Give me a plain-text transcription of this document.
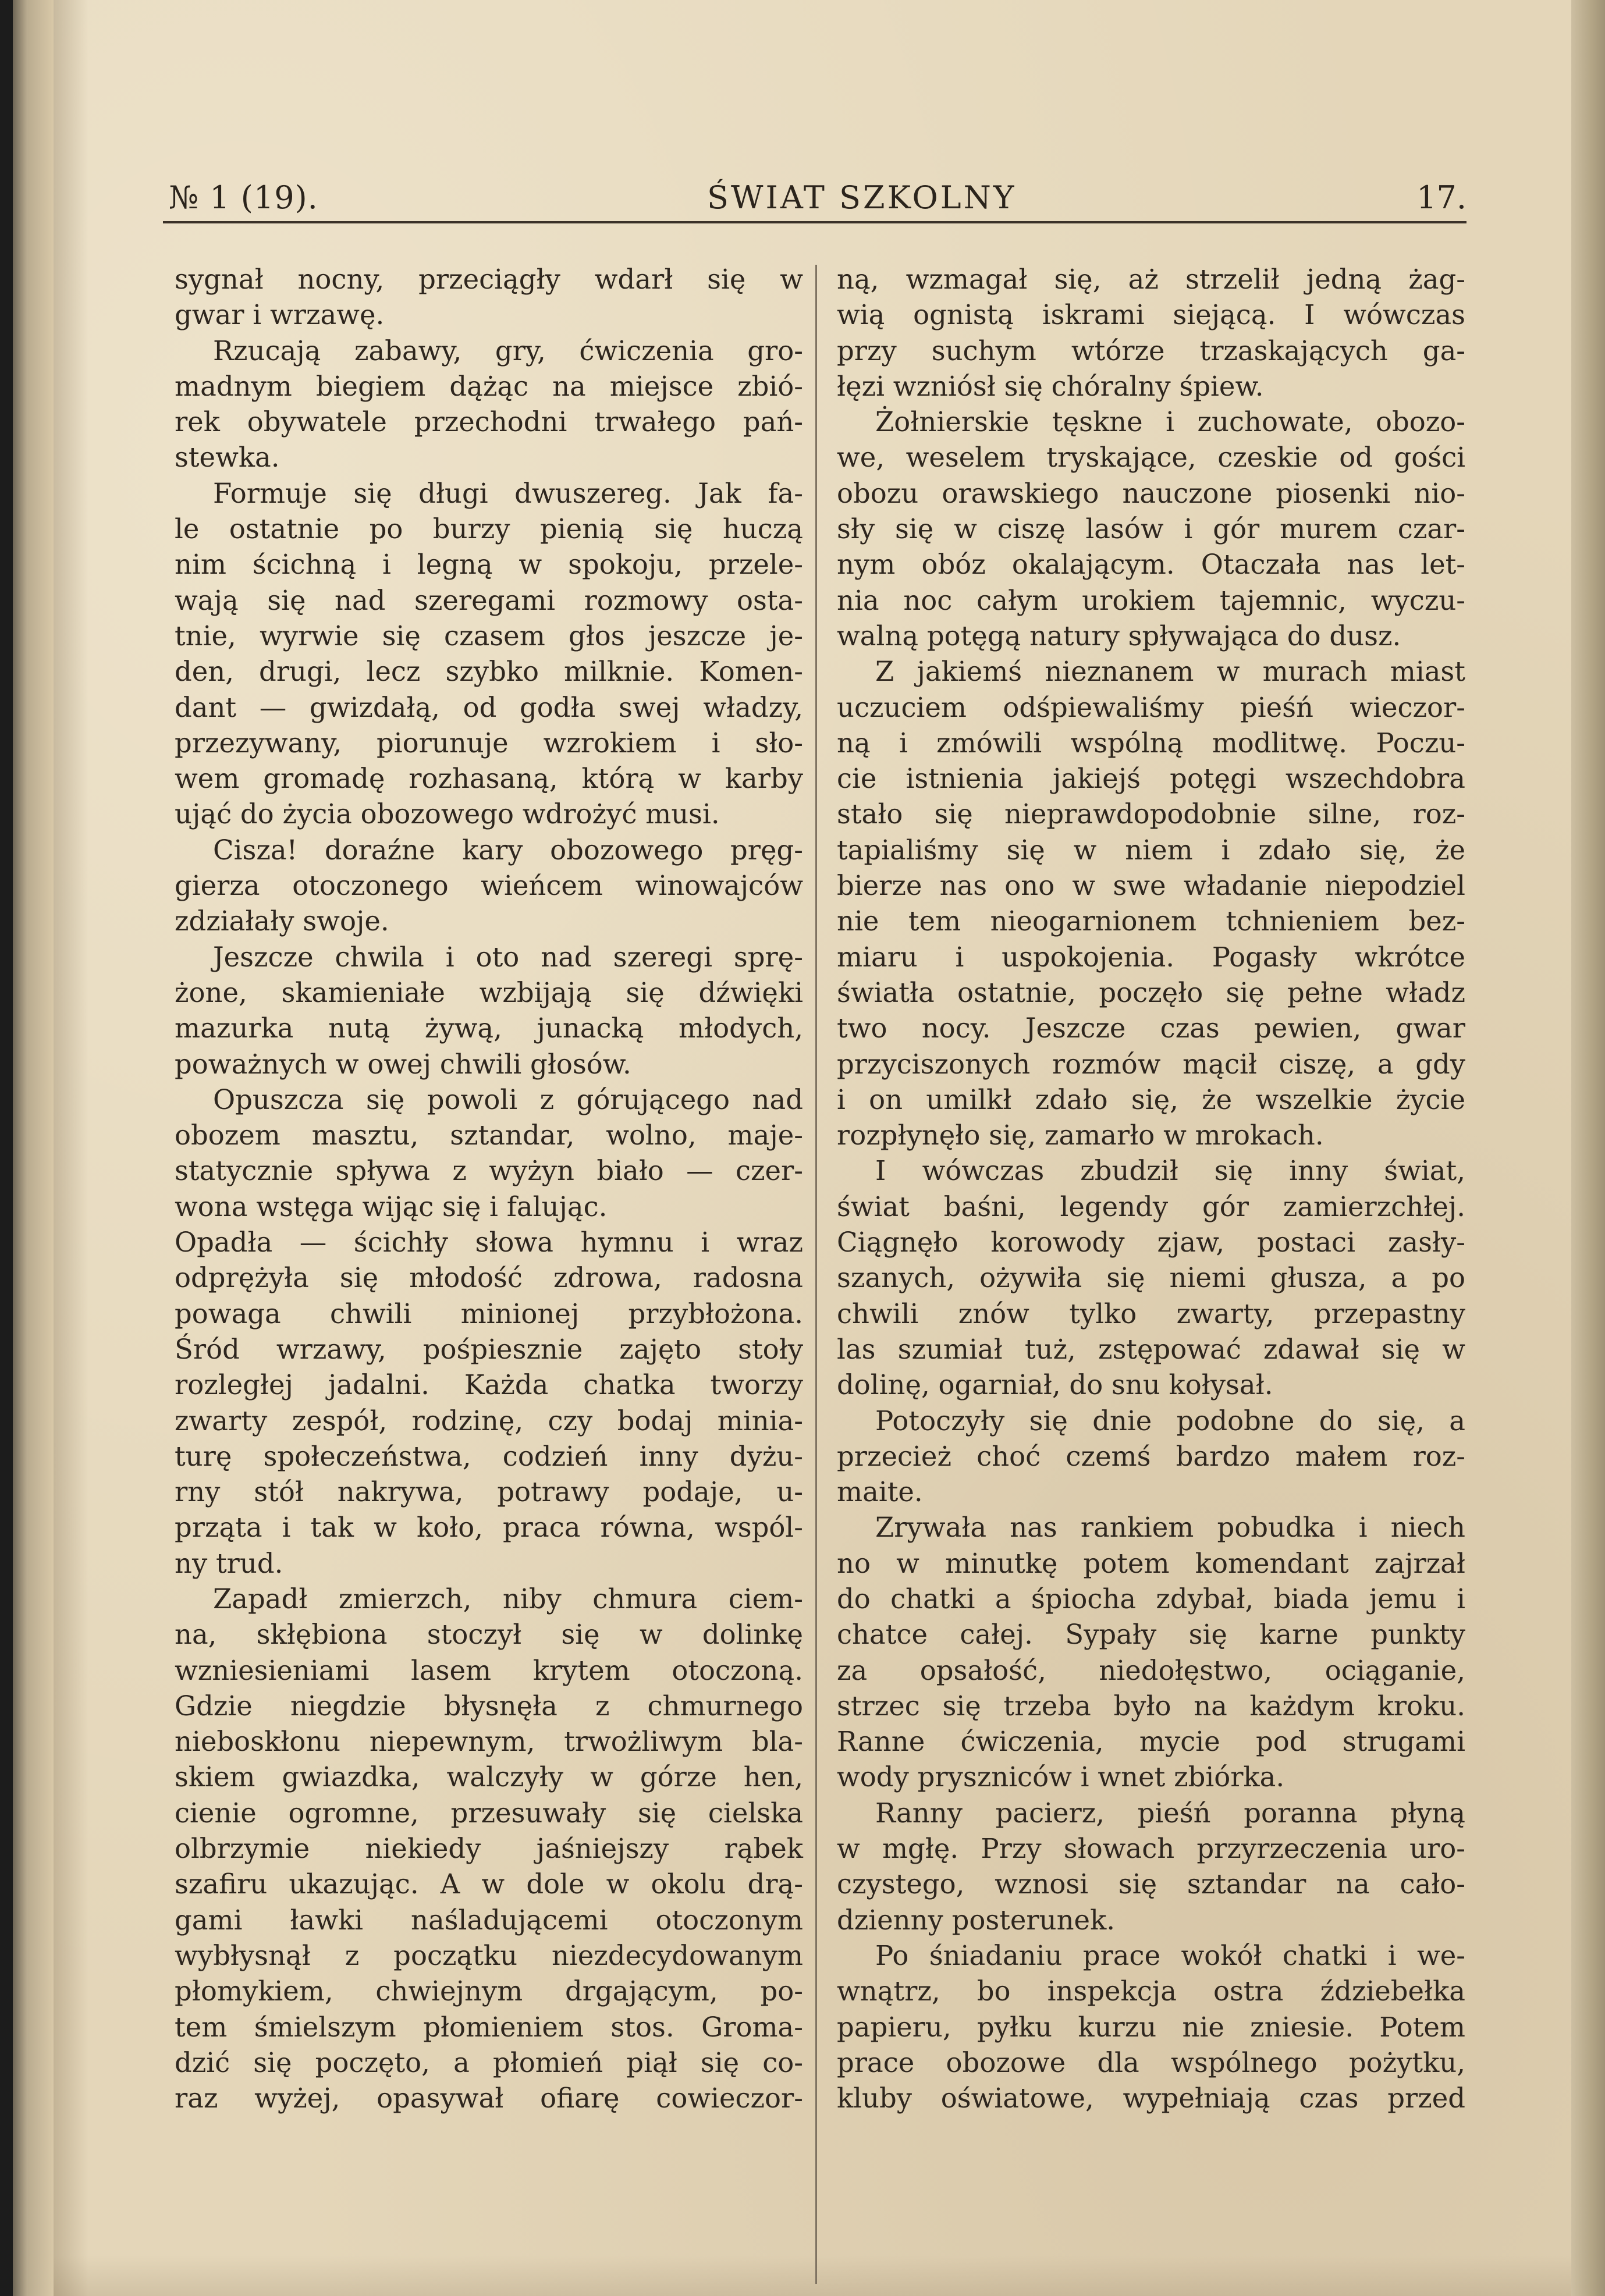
№ 1 (19).	ŚWIAT SZKOLNY	17.
sygnał nocny, przeciągły wdarł się w
gwar i wrzawę.
Rzucają zabawy, gry, ćwiczenia gro-
madnym biegiem dążąc na miejsce zbió-
rek obywatele przechodni trwałego pań-
stewka.
Formuje się długi dwuszereg. Jak fa-
le ostatnie po burzy pienią się huczą
nim ścichną i legną w spokoju, przele-
wają się nad szeregami rozmowy osta-
tnie, wyrwie się czasem głos jeszcze je-
den, drugi, lecz szybko milknie. Komen-
dant — gwizdałą, od godła swej władzy,
przezywany, piorunuje wzrokiem i sło-
wem gromadę rozhasaną, którą w karby
ująć do życia obozowego wdrożyć musi.
Cisza! doraźne kary obozowego pręg-
gierza otoczonego wieńcem winowajców
zdziałały swoje.
Jeszcze chwila i oto nad szeregi sprę-
żone, skamieniałe wzbijają się dźwięki
mazurka nutą żywą, junacką młodych,
poważnych w owej chwili głosów.
Opuszcza się powoli z górującego nad
obozem masztu, sztandar, wolno, maje-
statycznie spływa z wyżyn biało — czer-
wona wstęga wijąc się i falując.
Opadła — ścichły słowa hymnu i wraz
odprężyła się młodość zdrowa, radosna
powaga chwili minionej przybłożona.
Śród wrzawy, pośpiesznie zajęto stoły
rozległej jadalni. Każda chatka tworzy
zwarty zespół, rodzinę, czy bodaj minia-
turę społeczeństwa, codzień inny dyżu-
rny stół nakrywa, potrawy podaje, u-
prząta i tak w koło, praca równa, wspól-
ny trud.
Zapadł zmierzch, niby chmura ciem-
na, skłębiona stoczył się w dolinkę
wzniesieniami lasem krytem otoczoną.
Gdzie niegdzie błysnęła z chmurnego
nieboskłonu niepewnym, trwożliwym bla-
skiem gwiazdka, walczyły w górze hen,
cienie ogromne, przesuwały się cielska
olbrzymie niekiedy jaśniejszy rąbek
szafiru ukazując. A w dole w okolu drą-
gami ławki naśladującemi otoczonym
wybłysnął z początku niezdecydowanym
płomykiem, chwiejnym drgającym, po-
tem śmielszym płomieniem stos. Groma-
dzić się poczęto, a płomień piął się co-
raz wyżej, opasywał ofiarę cowieczor-
ną, wzmagał się, aż strzelił jedną żag-
wią ognistą iskrami siejącą. I wówczas
przy suchym wtórze trzaskających ga-
łęzi wzniósł się chóralny śpiew.
Żołnierskie tęskne i zuchowate, obozo-
we, weselem tryskające, czeskie od gości
obozu orawskiego nauczone piosenki nio-
sły się w ciszę lasów i gór murem czar-
nym obóz okalającym. Otaczała nas let-
nia noc całym urokiem tajemnic, wyczu-
walną potęgą natury spływająca do dusz.
Z jakiemś nieznanem w murach miast
uczuciem odśpiewaliśmy pieśń wieczor-
ną i zmówili wspólną modlitwę. Poczu-
cie istnienia jakiejś potęgi wszechdobra
stało się nieprawdopodobnie silne, roz-
tapialiśmy się w niem i zdało się, że
bierze nas ono w swe władanie niepodziel
nie tem nieogarnionem tchnieniem bez-
miaru i uspokojenia. Pogasły wkrótce
światła ostatnie, poczęło się pełne władz
two nocy. Jeszcze czas pewien, gwar
przyciszonych rozmów mącił ciszę, a gdy
i on umilkł zdało się, że wszelkie życie
rozpłynęło się, zamarło w mrokach.
I wówczas zbudził się inny świat,
świat baśni, legendy gór zamierzchłej.
Ciągnęło korowody zjaw, postaci zasły-
szanych, ożywiła się niemi głusza, a po
chwili znów tylko zwarty, przepastny
las szumiał tuż, zstępować zdawał się w
dolinę, ogarniał, do snu kołysał.
Potoczyły się dnie podobne do się, a
przecież choć czemś bardzo małem roz-
maite.
Zrywała nas rankiem pobudka i niech
no w minutkę potem komendant zajrzał
do chatki a śpiocha zdybał, biada jemu i
chatce całej. Sypały się karne punkty
za opsałość, niedołęstwo, ociąganie,
strzec się trzeba było na każdym kroku.
Ranne ćwiczenia, mycie pod strugami
wody pryszniców i wnet zbiórka.
Ranny pacierz, pieśń poranna płyną
w mgłę. Przy słowach przyrzeczenia uro-
czystego, wznosi się sztandar na cało-
dzienny posterunek.
Po śniadaniu prace wokół chatki i we-
wnątrz, bo inspekcja ostra ździebełka
papieru, pyłku kurzu nie zniesie. Potem
prace obozowe dla wspólnego pożytku,
kluby oświatowe, wypełniają czas przed
